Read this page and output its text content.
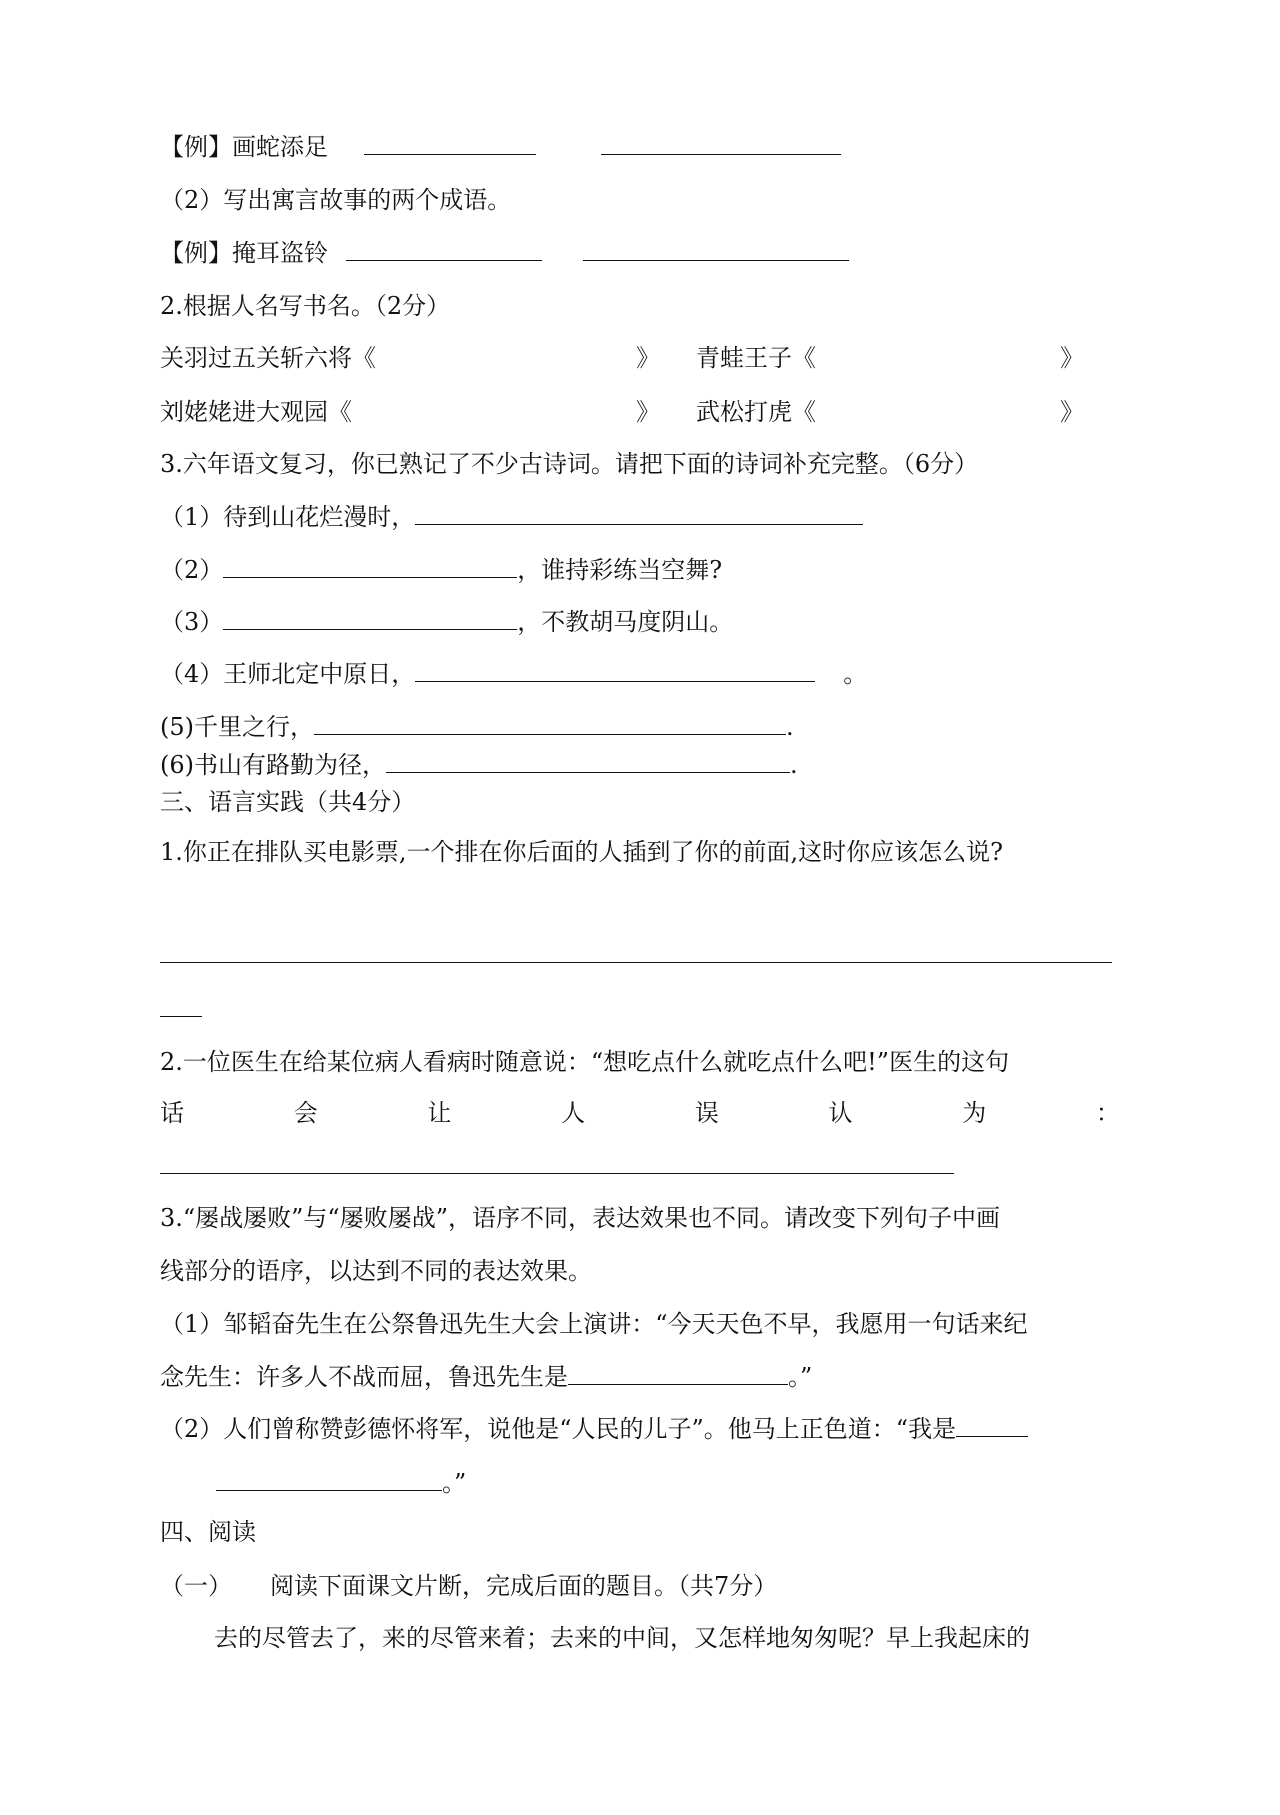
【例】画蛇添足
（2）写出寓言故事的两个成语。
【例】掩耳盗铃
2.根据人名写书名。（2分）
关羽过五关斩六将《	》 青蛙王子《	》
刘姥姥进大观园《	》 武松打虎《	》
3.六年语文复习，你已熟记了不少古诗词。请把下面的诗词补充完整。（6分）
（1）待到山花烂漫时，
（2）	，谁持彩练当空舞?
（3）	，不教胡马度阴山。
（4）王师北定中原日，	。
(5)千里之行，	.
(6)书山有路勤为径，	.
三、语言实践（共4分）
1.你正在排队买电影票,一个排在你后面的人插到了你的前面,这时你应该怎么说?
2.一位医生在给某位病人看病时随意说：“想吃点什么就吃点什么吧!”医生的这句
话	会	让	人	误	认	为	：
3.“屡战屡败”与“屡败屡战”，语序不同，表达效果也不同。请改变下列句子中画
线部分的语序，以达到不同的表达效果。
（1）邹韬奋先生在公祭鲁迅先生大会上演讲：“今天天色不早，我愿用一句话来纪
念先生：许多人不战而屈，鲁迅先生是	。”
（2）人们曾称赞彭德怀将军，说他是“人民的儿子”。他马上正色道：“我是
。”
四、阅读
（一） 阅读下面课文片断，完成后面的题目。（共7分）
去的尽管去了，来的尽管来着；去来的中间，又怎样地匆匆呢？早上我起床的
